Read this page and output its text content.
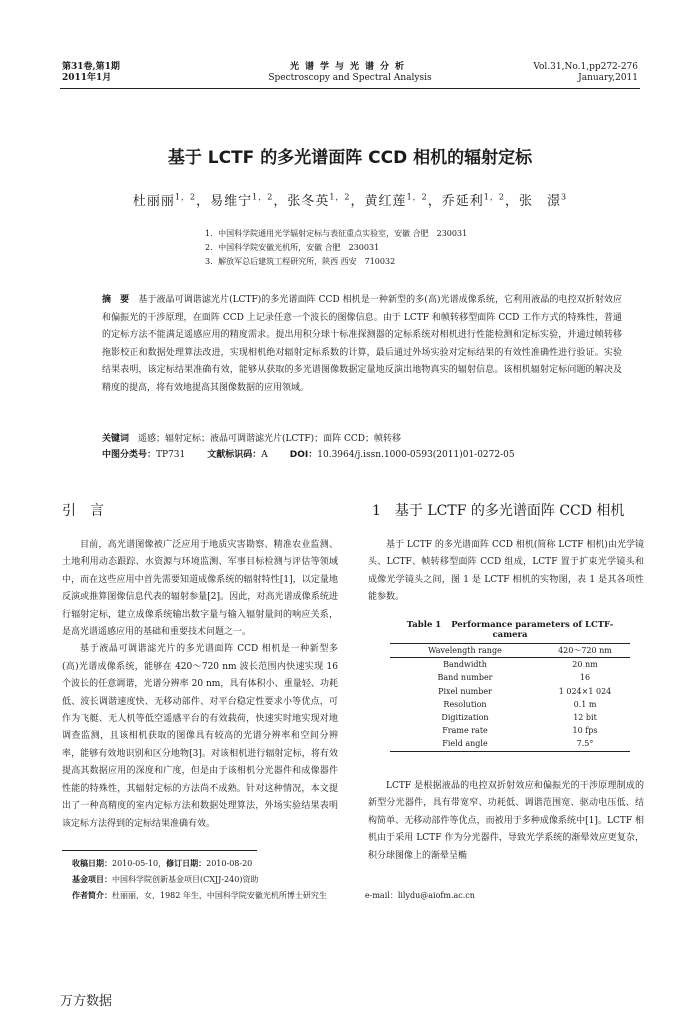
第31卷,第1期
2011年1月
光谱学与光谱分析
Spectroscopy and Spectral Analysis
Vol.31,No.1,pp272-276
January,2011
基于 LCTF 的多光谱面阵 CCD 相机的辐射定标
杜丽丽$^{1,2}$，易维宁$^{1,2}$，张冬英$^{1,2}$，黄红莲$^{1,2}$，乔延利$^{1,2}$，张　澋$^3$
1．中国科学院通用光学辐射定标与表征重点实验室，安徽 合肥　230031
2．中国科学院安徽光机所，安徽 合肥　230031
3．解放军总后建筑工程研究所，陕西 西安　710032
摘　要　 基于液晶可调谐滤光片(LCTF)的多光谱面阵 CCD 相机是一种新型的多(高)光谱成像系统，它利用液晶的电控双折射效应和偏振光的干涉原理，在面阵 CCD 上记录任意一个波长的图像信息。由于 LCTF 和帧转移型面阵 CCD 工作方式的特殊性，普通的定标方法不能满足遥感应用的精度需求。提出用积分球十标准探测器的定标系统对相机进行性能检测和定标实验，并通过帧转移拖影校正和数据处理算法改进，实现相机绝对辐射定标系数的计算，最后通过外场实验对定标结果的有效性准确性进行验证。实验结果表明，该定标结果准确有效，能够从获取的多光谱图像数据定量地反演出地物真实的辐射信息。该相机辐射定标问题的解决及精度的提高，将有效地提高其图像数据的应用领域。
关键词　 遥感；辐射定标；液晶可调谐滤光片(LCTF)；面阵 CCD；帧转移
中图分类号：TP731 文献标识码：A DOI：10.3964/j.issn.1000-0593(2011)01-0272-05
引　言	1　基于 LCTF 的多光谱面阵 CCD 相机

目前，高光谱图像被广泛应用于地质灾害勘察、精准农业监测、土地利用动态跟踪、水资源与环境监测、军事目标检测与评估等领域中，而在这些应用中首先需要知道成像系统的辐射特性[1]，以定量地反演或推算图像信息代表的辐射参量[2]。因此，对高光谱成像系统进行辐射定标，建立成像系统输出数字量与输入辐射量间的响应关系，是高光谱遥感应用的基础和重要技术问题之一。

基于液晶可调谐滤光片的多光谱面阵 CCD 相机是一种新型多(高)光谱成像系统，能够在 420～720 nm 波长范围内快速实现 16 个波长的任意调谐，光谱分辨率 20 nm，具有体积小、重量轻、功耗低、波长调谐速度快、无移动部件、对平台稳定性要求小等优点，可作为飞艇、无人机等低空遥感平台的有效载荷，快速实时地实现对地调查监测，且该相机获取的图像具有较高的光谱分辨率和空间分辨率，能够有效地识别和区分地物[3]。对该相机进行辐射定标，将有效提高其数据应用的深度和广度，但是由于该相机分光器件和成像器件性能的特殊性，其辐射定标的方法尚不成熟。针对这种情况，本文提出了一种高精度的室内定标方法和数据处理算法，外场实验结果表明该定标方法得到的定标结果准确有效。

基于 LCTF 的多光谱面阵 CCD 相机(简称 LCTF 相机)由光学镜头、LCTF、帧转移型面阵 CCD 组成，LCTF 置于扩束光学镜头和成像光学镜头之间，图 1 是 LCTF 相机的实物图，表 1 是其各项性能参数。

Table 1 Performance parameters of LCTF-camera
Wavelength range	420～720 nm
Bandwidth	20 nm
Band number	16
Pixel number	1 024×1 024
Resolution	0.1 m
Digitization	12 bit
Frame rate	10 fps
Field angle	7.5°

LCTF 是根据液晶的电控双折射效应和偏振光的干涉原理制成的新型分光器件，具有带宽窄、功耗低、调谐范围宽、驱动电压低、结构简单、无移动部件等优点，而被用于多种成像系统中[1]。LCTF 相机由于采用 LCTF 作为分光器件，导致光学系统的渐晕效应更复杂，积分球图像上的渐晕呈椭

收稿日期：2010-05-10，修订日期：2010-08-20
基金项目：中国科学院创新基金项目(CXJJ-240)资助
作者简介：杜丽丽，女，1982 年生，中国科学院安徽光机所博士研究生	e-mail：lilydu@aiofm.ac.cn
万方数据
